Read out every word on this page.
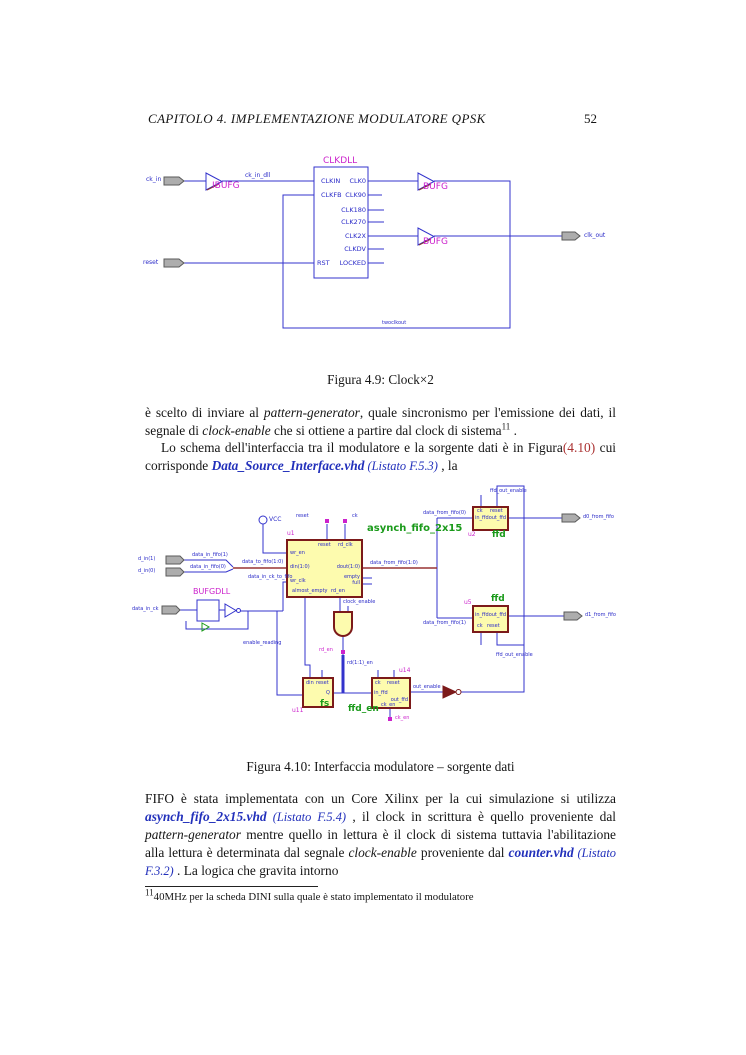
CAPITOLO 4. IMPLEMENTAZIONE MODULATORE QPSK	52
ck_in
IBUFG
ck_in_dll
CLKDLL
CLKIN
CLKFB
RST
CLK0
CLK90
CLK180
CLK270
CLK2X
CLKDV
LOCKED
BUFG
BUFG
clk_out
reset
twoclkout
Figura 4.9: Clock×2

è scelto di inviare al pattern-generator, quale sincronismo per l'emissione dei dati, il segnale di clock-enable che si ottiene a partire dal clock di sistema$^{11}$ .

Lo schema dell'interfaccia tra il modulatore e la sorgente dati è in Figura(4.10) cui corrisponde Data_Source_Interface.vhd (Listato F.5.3) , la

data_in_fifo(1)
data_in_fifo(0)
d_in(1)
d_in(0)
data_to_fifo(1:0)
data_in_ck_to_fifo
BUFGDLL
data_in_ck
VCC
u1	asynch_fifo_2x15
reset	ck
reset rd_clk
wr_en
din(1:0)
wr_clk
dout(1:0)
empty
full
almost_empty rd_en
data_from_fifo(1:0)
data_from_fifo(0)
data_from_fifo(1)
clock_enable
enable_reading
rd_en
rd(1:1)_en
out_enable
ffd_out_enable
ffd_out_enable
u2 ffd
ck reset
in_ffd out_ffd	d0_from_fifo
u5 ffd
in_ffd out_ffd
ck reset
d1_from_fifo
fs
u11
din reset
Q
ffd_en
u14
ck reset
in_ffd
out_ffd
ck_en
ck_en
Figura 4.10: Interfaccia modulatore – sorgente dati

FIFO è stata implementata con un Core Xilinx per la cui simulazione si utilizza asynch_fifo_2x15.vhd (Listato F.5.4) , il clock in scrittura è quello proveniente dal pattern-generator mentre quello in lettura è il clock di sistema tuttavia l'abilitazione alla lettura è determinata dal segnale clock-enable proveniente dal counter.vhd (Listato F.3.2) . La logica che gravita intorno

$^{11}$40MHz per la scheda DINI sulla quale è stato implementato il modulatore
